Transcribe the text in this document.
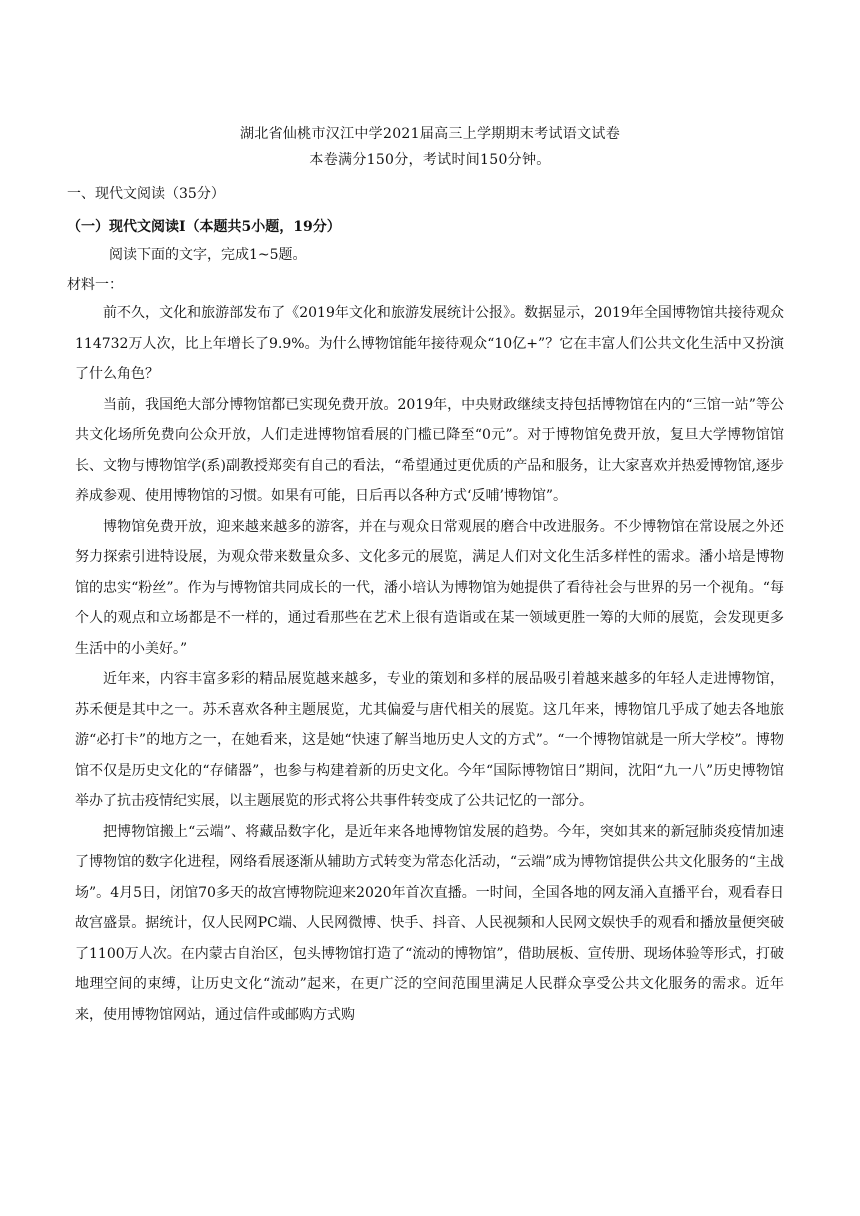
湖北省仙桃市汉江中学2021届高三上学期期末考试语文试卷
本卷满分150分，考试时间150分钟。
一、现代文阅读（35分）
（一）现代文阅读Ⅰ（本题共5小题，19分）
阅读下面的文字，完成1~5题。
材料一：

前不久，文化和旅游部发布了《2019年文化和旅游发展统计公报》。数据显示，2019年全国博物馆共接待观众114732万人次，比上年增长了9.9%。为什么博物馆能年接待观众“10亿+”？它在丰富人们公共文化生活中又扮演了什么角色？

当前，我国绝大部分博物馆都已实现免费开放。2019年，中央财政继续支持包括博物馆在内的“三馆一站”等公共文化场所免费向公众开放，人们走进博物馆看展的门槛已降至“0元”。对于博物馆免费开放，复旦大学博物馆馆长、文物与博物馆学(系)副教授郑奕有自己的看法，“希望通过更优质的产品和服务，让大家喜欢并热爱博物馆,逐步养成参观、使用博物馆的习惯。如果有可能，日后再以各种方式‘反哺’博物馆”。

博物馆免费开放，迎来越来越多的游客，并在与观众日常观展的磨合中改进服务。不少博物馆在常设展之外还努力探索引进特设展，为观众带来数量众多、文化多元的展览，满足人们对文化生活多样性的需求。潘小培是博物馆的忠实“粉丝”。作为与博物馆共同成长的一代，潘小培认为博物馆为她提供了看待社会与世界的另一个视角。“每个人的观点和立场都是不一样的，通过看那些在艺术上很有造诣或在某一领域更胜一筹的大师的展览，会发现更多生活中的小美好。”

近年来，内容丰富多彩的精品展览越来越多，专业的策划和多样的展品吸引着越来越多的年轻人走进博物馆，苏禾便是其中之一。苏禾喜欢各种主题展览，尤其偏爱与唐代相关的展览。这几年来，博物馆几乎成了她去各地旅游“必打卡”的地方之一，在她看来，这是她“快速了解当地历史人文的方式”。“一个博物馆就是一所大学校”。博物馆不仅是历史文化的“存储器”，也参与构建着新的历史文化。今年“国际博物馆日”期间，沈阳“九一八”历史博物馆举办了抗击疫情纪实展，以主题展览的形式将公共事件转变成了公共记忆的一部分。

把博物馆搬上“云端”、将藏品数字化，是近年来各地博物馆发展的趋势。今年，突如其来的新冠肺炎疫情加速了博物馆的数字化进程，网络看展逐渐从辅助方式转变为常态化活动，“云端”成为博物馆提供公共文化服务的“主战场”。4月5日，闭馆70多天的故宫博物院迎来2020年首次直播。一时间，全国各地的网友涌入直播平台，观看春日故宫盛景。据统计，仅人民网PC端、人民网微博、快手、抖音、人民视频和人民网文娱快手的观看和播放量便突破了1100万人次。在内蒙古自治区，包头博物馆打造了“流动的博物馆”，借助展板、宣传册、现场体验等形式，打破地理空间的束缚，让历史文化“流动”起来，在更广泛的空间范围里满足人民群众享受公共文化服务的需求。近年来，使用博物馆网站，通过信件或邮购方式购
